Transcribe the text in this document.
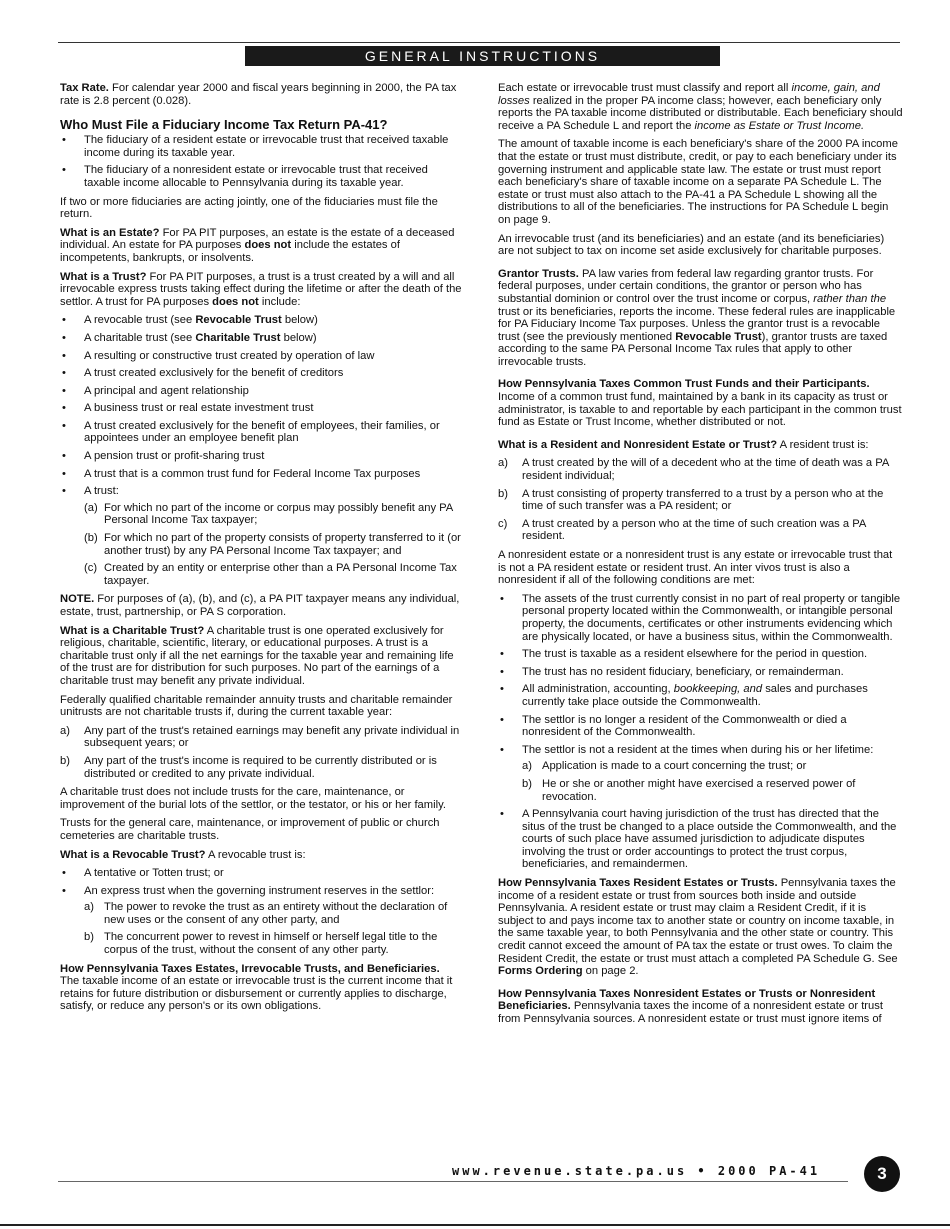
GENERAL INSTRUCTIONS

Tax Rate. For calendar year 2000 and fiscal years beginning in 2000, the PA tax rate is 2.8 percent (0.028).

Who Must File a Fiduciary Income Tax Return PA-41?
• The fiduciary of a resident estate or irrevocable trust that received taxable income during its taxable year.
• The fiduciary of a nonresident estate or irrevocable trust that received taxable income allocable to Pennsylvania during its taxable year.

If two or more fiduciaries are acting jointly, one of the fiduciaries must file the return.

What is an Estate? For PA PIT purposes, an estate is the estate of a deceased individual. An estate for PA purposes does not include the estates of incompetents, bankrupts, or insolvents.

What is a Trust? For PA PIT purposes, a trust is a trust created by a will and all irrevocable express trusts taking effect during the lifetime or after the death of the settlor. A trust for PA purposes does not include:

• A revocable trust (see Revocable Trust below)
• A charitable trust (see Charitable Trust below)
• A resulting or constructive trust created by operation of law
• A trust created exclusively for the benefit of creditors
• A principal and agent relationship
• A business trust or real estate investment trust
• A trust created exclusively for the benefit of employees, their families, or appointees under an employee benefit plan
• A pension trust or profit-sharing trust
• A trust that is a common trust fund for Federal Income Tax purposes
• A trust:
(a) For which no part of the income or corpus may possibly benefit any PA Personal Income Tax taxpayer;
(b) For which no part of the property consists of property transferred to it (or another trust) by any PA Personal Income Tax taxpayer; and
(c) Created by an entity or enterprise other than a PA Personal Income Tax taxpayer.

NOTE. For purposes of (a), (b), and (c), a PA PIT taxpayer means any individual, estate, trust, partnership, or PA S corporation.

What is a Charitable Trust? A charitable trust is one operated exclusively for religious, charitable, scientific, literary, or educational purposes. A trust is a charitable trust only if all the net earnings for the taxable year and remaining life of the trust are for distribution for such purposes. No part of the earnings of a charitable trust may benefit any private individual.

Federally qualified charitable remainder annuity trusts and charitable remainder unitrusts are not charitable trusts if, during the current taxable year:

a) Any part of the trust's retained earnings may benefit any private individual in subsequent years; or
b) Any part of the trust's income is required to be currently distributed or is distributed or credited to any private individual.

A charitable trust does not include trusts for the care, maintenance, or improvement of the burial lots of the settlor, or the testator, or his or her family.

Trusts for the general care, maintenance, or improvement of public or church cemeteries are charitable trusts.

What is a Revocable Trust? A revocable trust is:

• A tentative or Totten trust; or
• An express trust when the governing instrument reserves in the settlor:
a) The power to revoke the trust as an entirety without the declaration of new uses or the consent of any other party, and
b) The concurrent power to revest in himself or herself legal title to the corpus of the trust, without the consent of any other party.

How Pennsylvania Taxes Estates, Irrevocable Trusts, and Beneficiaries.
The taxable income of an estate or irrevocable trust is the current income that it retains for future distribution or disbursement or currently applies to discharge, satisfy, or reduce any person's or its own obligations.

Each estate or irrevocable trust must classify and report all income, gain, and losses realized in the proper PA income class; however, each beneficiary only reports the PA taxable income distributed or distributable. Each beneficiary should receive a PA Schedule L and report the income as Estate or Trust Income.

The amount of taxable income is each beneficiary's share of the 2000 PA income that the estate or trust must distribute, credit, or pay to each beneficiary under its governing instrument and applicable state law. The estate or trust must report each beneficiary's share of taxable income on a separate PA Schedule L. The estate or trust must also attach to the PA-41 a PA Schedule L showing all the distributions to all of the beneficiaries. The instructions for PA Schedule L begin on page 9.

An irrevocable trust (and its beneficiaries) and an estate (and its beneficiaries) are not subject to tax on income set aside exclusively for charitable purposes.

Grantor Trusts. PA law varies from federal law regarding grantor trusts. For federal purposes, under certain conditions, the grantor or person who has substantial dominion or control over the trust income or corpus, rather than the trust or its beneficiaries, reports the income. These federal rules are inapplicable for PA Fiduciary Income Tax purposes. Unless the grantor trust is a revocable trust (see the previously mentioned Revocable Trust), grantor trusts are taxed according to the same PA Personal Income Tax rules that apply to other irrevocable trusts.

How Pennsylvania Taxes Common Trust Funds and their Participants. Income of a common trust fund, maintained by a bank in its capacity as trust or administrator, is taxable to and reportable by each participant in the common trust fund as Estate or Trust Income, whether distributed or not.

What is a Resident and Nonresident Estate or Trust? A resident trust is:

a) A trust created by the will of a decedent who at the time of death was a PA resident individual;
b) A trust consisting of property transferred to a trust by a person who at the time of such transfer was a PA resident; or
c) A trust created by a person who at the time of such creation was a PA resident.

A nonresident estate or a nonresident trust is any estate or irrevocable trust that is not a PA resident estate or resident trust. An inter vivos trust is also a nonresident if all of the following conditions are met:

• The assets of the trust currently consist in no part of real property or tangible personal property located within the Commonwealth, or intangible personal property, the documents, certificates or other instruments evidencing which are physically located, or have a business situs, within the Commonwealth.
• The trust is taxable as a resident elsewhere for the period in question.
• The trust has no resident fiduciary, beneficiary, or remainderman.
• All administration, accounting, bookkeeping, and sales and purchases currently take place outside the Commonwealth.
• The settlor is no longer a resident of the Commonwealth or died a nonresident of the Commonwealth.
• The settlor is not a resident at the times when during his or her lifetime:
a) Application is made to a court concerning the trust; or
b) He or she or another might have exercised a reserved power of revocation.
• A Pennsylvania court having jurisdiction of the trust has directed that the situs of the trust be changed to a place outside the Commonwealth, and the courts of such place have assumed jurisdiction to adjudicate disputes involving the trust or order accountings to protect the trust corpus, beneficiaries, and remaindermen.

How Pennsylvania Taxes Resident Estates or Trusts. Pennsylvania taxes the income of a resident estate or trust from sources both inside and outside Pennsylvania. A resident estate or trust may claim a Resident Credit, if it is subject to and pays income tax to another state or country on income taxable, in the same taxable year, to both Pennsylvania and the other state or country. This credit cannot exceed the amount of PA tax the estate or trust owes. To claim the Resident Credit, the estate or trust must attach a completed PA Schedule G. See Forms Ordering on page 2.

How Pennsylvania Taxes Nonresident Estates or Trusts or Nonresident Beneficiaries. Pennsylvania taxes the income of a nonresident estate or trust from Pennsylvania sources. A nonresident estate or trust must ignore items of

www.revenue.state.pa.us • 2000 PA-41	3
